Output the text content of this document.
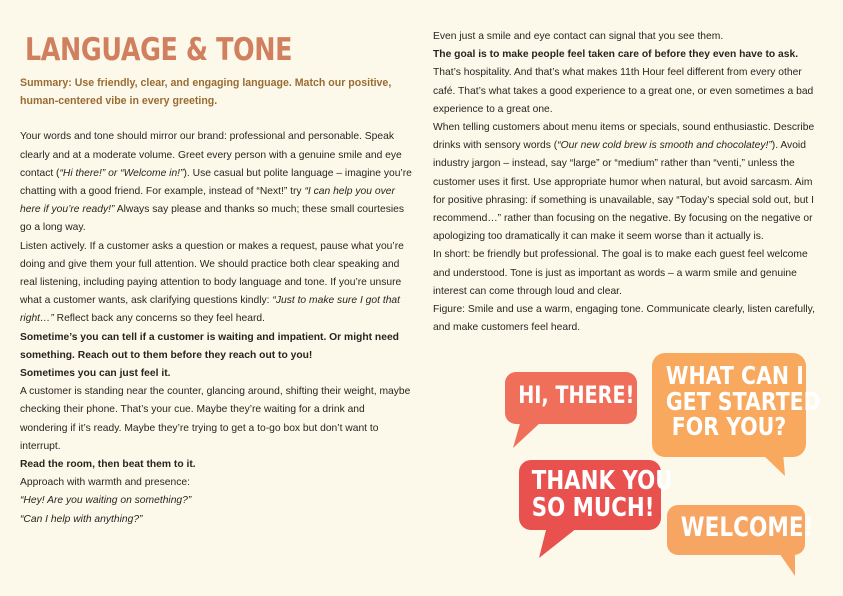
LANGUAGE & TONE

Summary: Use friendly, clear, and engaging language. Match our positive, human-centered vibe in every greeting.

Your words and tone should mirror our brand: professional and personable. Speak clearly and at a moderate volume. Greet every person with a genuine smile and eye contact (“Hi there!” or “Welcome in!”). Use casual but polite language – imagine you’re chatting with a good friend. For example, instead of “Next!” try “I can help you over here if you’re ready!” Always say please and thanks so much; these small courtesies go a long way.

Listen actively. If a customer asks a question or makes a request, pause what you’re doing and give them your full attention. We should practice both clear speaking and real listening, including paying attention to body language and tone. If you’re unsure what a customer wants, ask clarifying questions kindly: “Just to make sure I got that right…” Reflect back any concerns so they feel heard.

Sometime’s you can tell if a customer is waiting and impatient. Or might need something. Reach out to them before they reach out to you!

Sometimes you can just feel it.

A customer is standing near the counter, glancing around, shifting their weight, maybe checking their phone. That’s your cue. Maybe they’re waiting for a drink and wondering if it’s ready. Maybe they’re trying to get a to-go box but don’t want to interrupt.

Read the room, then beat them to it.

Approach with warmth and presence:

“Hey! Are you waiting on something?”

“Can I help with anything?”

Even just a smile and eye contact can signal that you see them.

The goal is to make people feel taken care of before they even have to ask.

That’s hospitality. And that’s what makes 11th Hour feel different from every other café. That’s what takes a good experience to a great one, or even sometimes a bad experience to a great one.

When telling customers about menu items or specials, sound enthusiastic. Describe drinks with sensory words (“Our new cold brew is smooth and chocolatey!”). Avoid industry jargon – instead, say “large” or “medium” rather than “venti,” unless the customer uses it first. Use appropriate humor when natural, but avoid sarcasm. Aim for positive phrasing: if something is unavailable, say “Today’s special sold out, but I recommend…” rather than focusing on the negative. By focusing on the negative or apologizing too dramatically it can make it seem worse than it actually is.

In short: be friendly but professional. The goal is to make each guest feel welcome and understood. Tone is just as important as words – a warm smile and genuine interest can come through loud and clear.

Figure: Smile and use a warm, engaging tone. Communicate clearly, listen carefully, and make customers feel heard.

HI, THERE!
WHAT CAN I
GET STARTED
FOR YOU?
THANK YOU
SO MUCH!
WELCOME!
